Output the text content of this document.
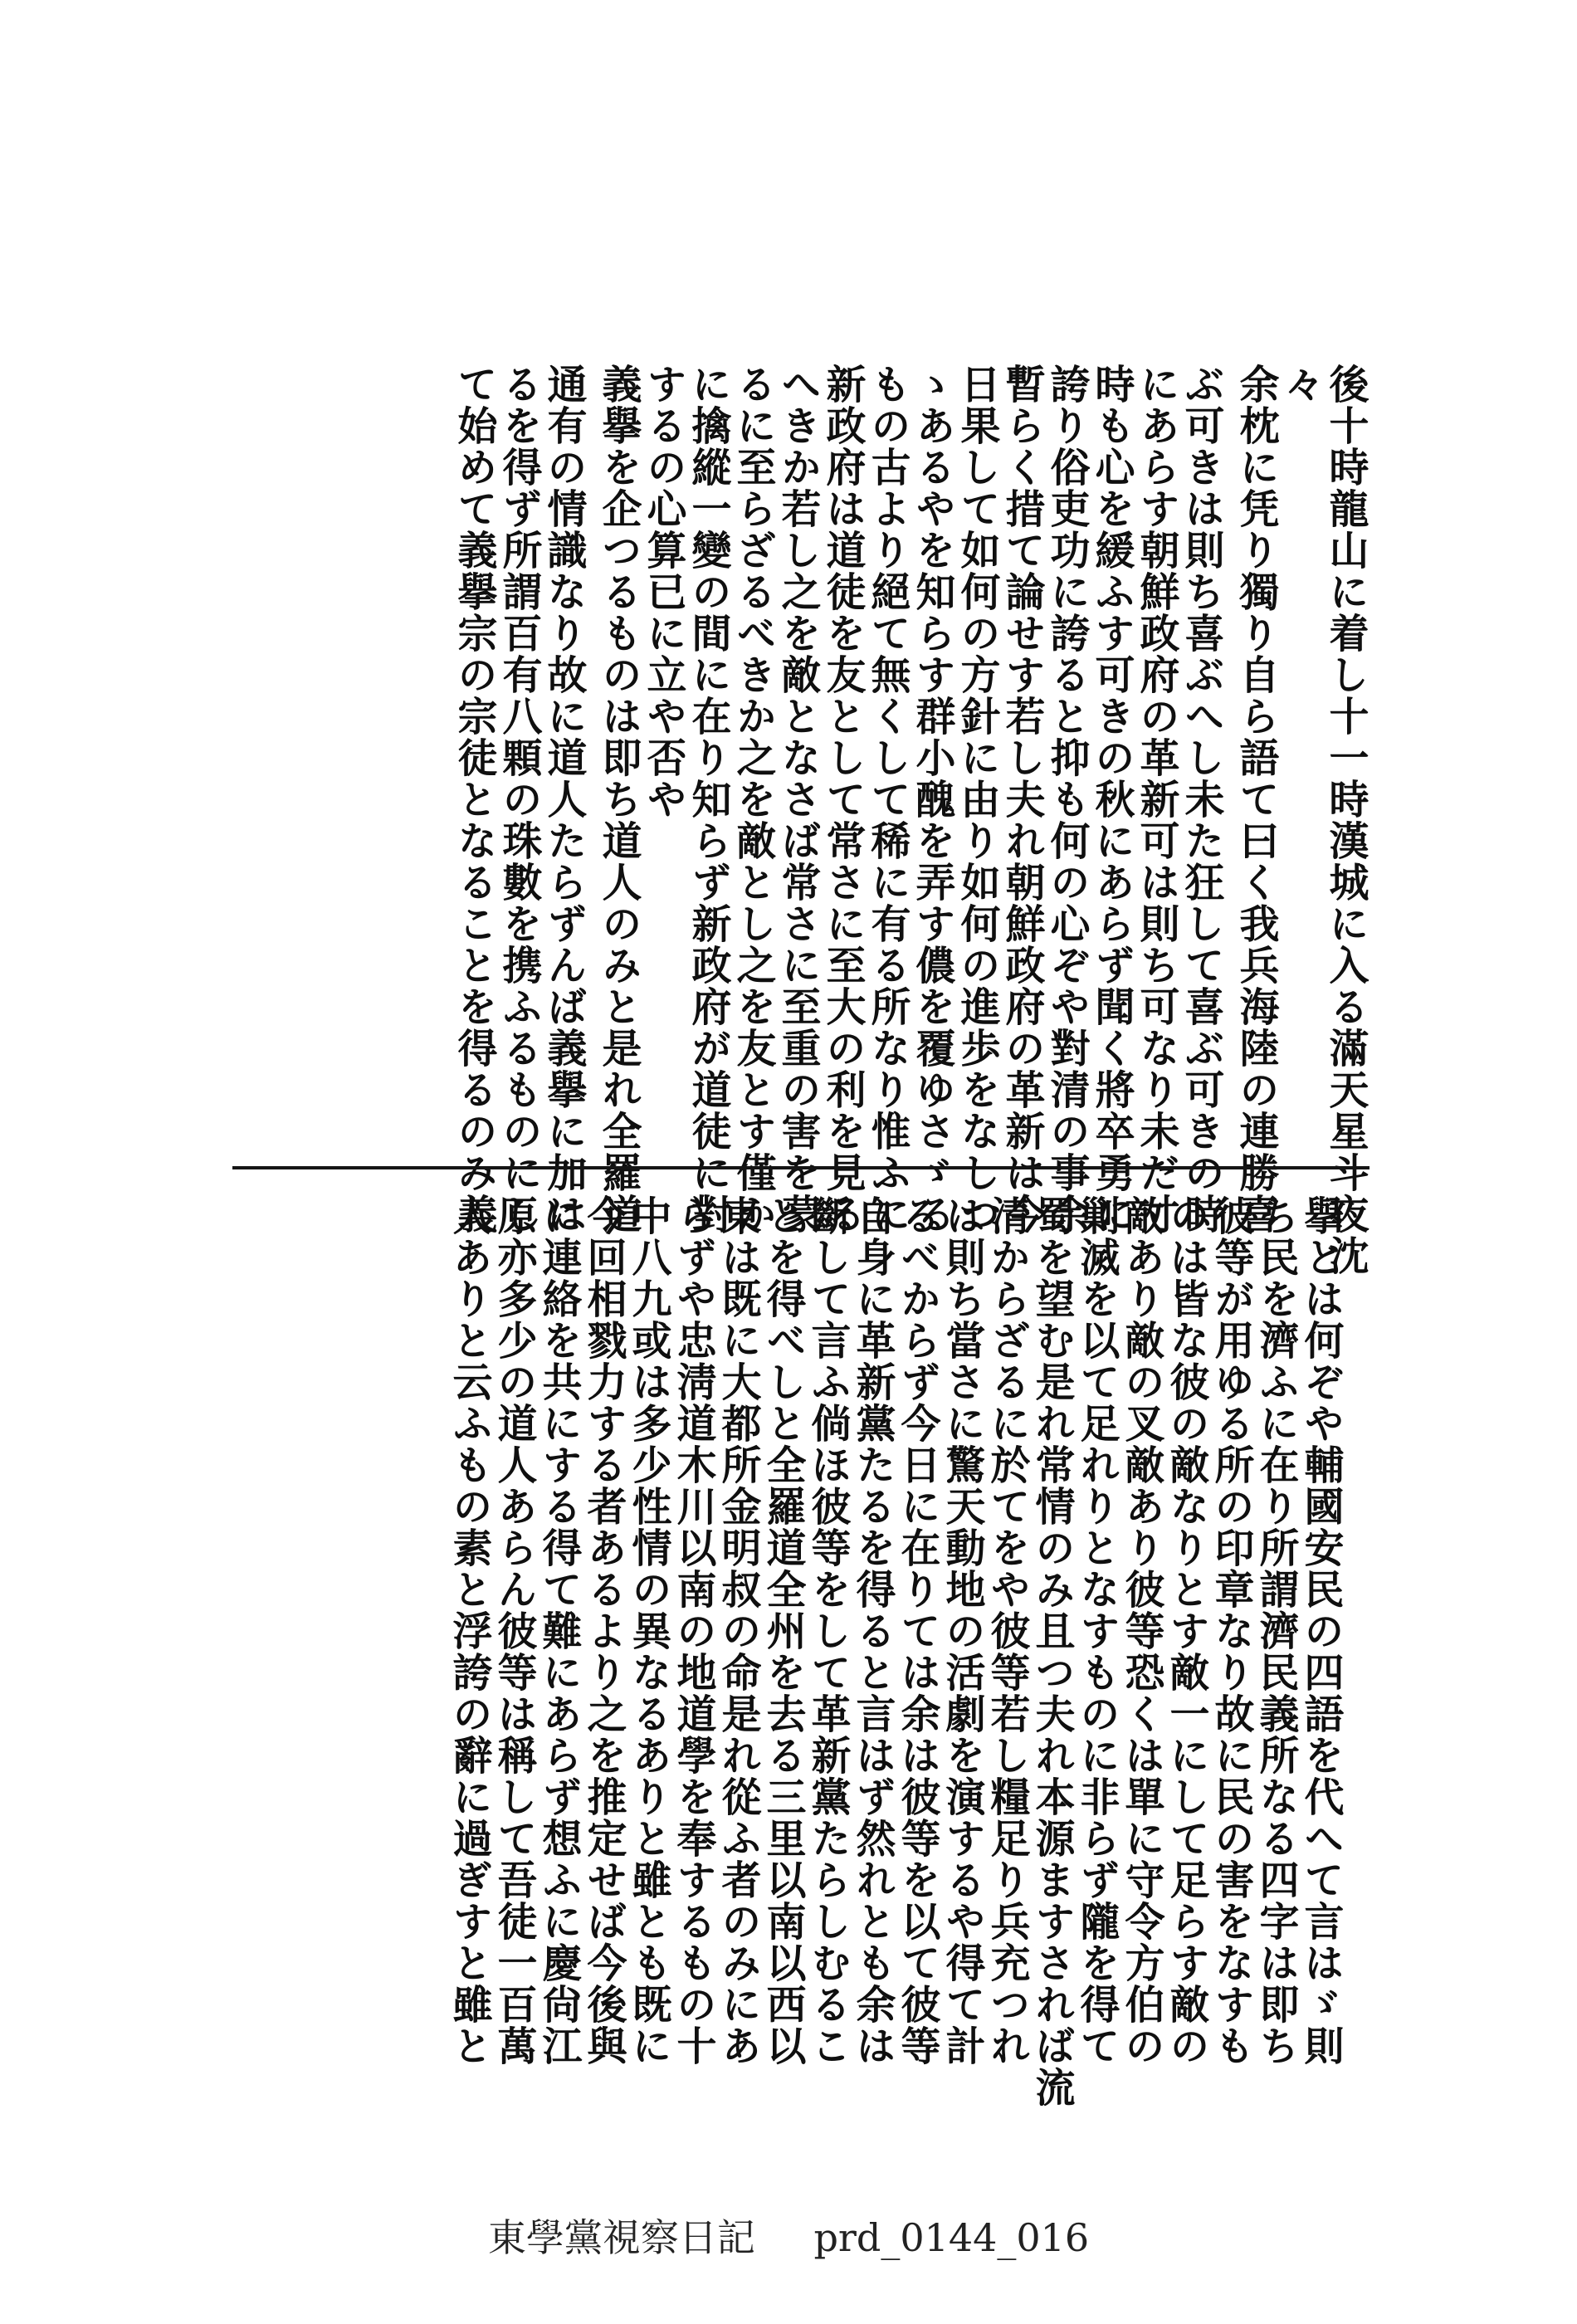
後十時龍山に着し十一時漢城に入る滿天星斗夜沈
々
余枕に凭り獨り自ら語て曰く我兵海陸の連勝喜
ぶ可きは則ち喜ぶへし未た狂して喜ぶ可きの時
にあらす朝鮮政府の革新可は則ち可なり未だ寸
時も心を緩ふす可きの秋にあらず聞く將卒勇に
誇り俗吏功に誇ると抑も何の心ぞや對清の事余
暫らく措て論せす若し夫れ朝鮮政府の革新は今
日果して如何の方針に由り如何の進歩をなしつ
ゝあるやを知らす群小醜を弄す儂を覆ゆさゞる
もの古より絕て無くして稀に有る所なり惟ふに
新政府は道徒を友として常さに至大の利を見る
へきか若し之を敵となさば常さに至重の害を蒙
るに至らざるべきか之を敵とし之を友とす僅か
に擒縱一變の間に在り知らず新政府が道徒に對
するの心算已に立や否や
義擧を企つるものは即ち道人のみと是れ全羅道
通有の情識なり故に道人たらずんば義擧に加は
るを得ず所謂百有八顆の珠數を携ふるものにし
て始めて義擧宗の宗徒となることを得るのみ義
擧とは何ぞや輔國安民の四語を代へて言はゞ則
ち民を濟ふに在り所謂濟民義所なる四字は即ち
彼等が用ゆる所の印章なり故に民の害をなすも
のは皆な彼の敵なりとす敵一にして足らす敵の
敵あり敵の叉敵あり彼等恐くは單に守令方伯の
剿滅を以て足れりとなすものに非らず隴を得て
蜀を望む是れ常情のみ且つ夫れ本源ますされば流
清からざるに於てをや彼等若し糧足り兵充つれ
は則ち當さに驚天動地の活劇を演するや得て計
るべからず今日に在りては余は彼等を以て彼等
自身に革新黨たるを得ると言はず然れとも余は
斷して言ふ倘ほ彼等をして革新黨たらしむるこ
とを得べしと全羅道全州を去る三里以南以西以
東は既に大都所金明叔の命是れ從ふ者のみにあ
らずや忠淸道木川以南の地道學を奉するもの十
中八九或は多少性情の異なるありと雖とも既に
今回相戮力する者あるより之を推定せば今後與
に連絡を共にする得て難にあらず想ふに慶尙江
原亦多少の道人あらん彼等は稱して吾徒一百萬
人ありと云ふもの素と浮誇の辭に過ぎすと雖と
東學黨視察日記 prd_0144_016
